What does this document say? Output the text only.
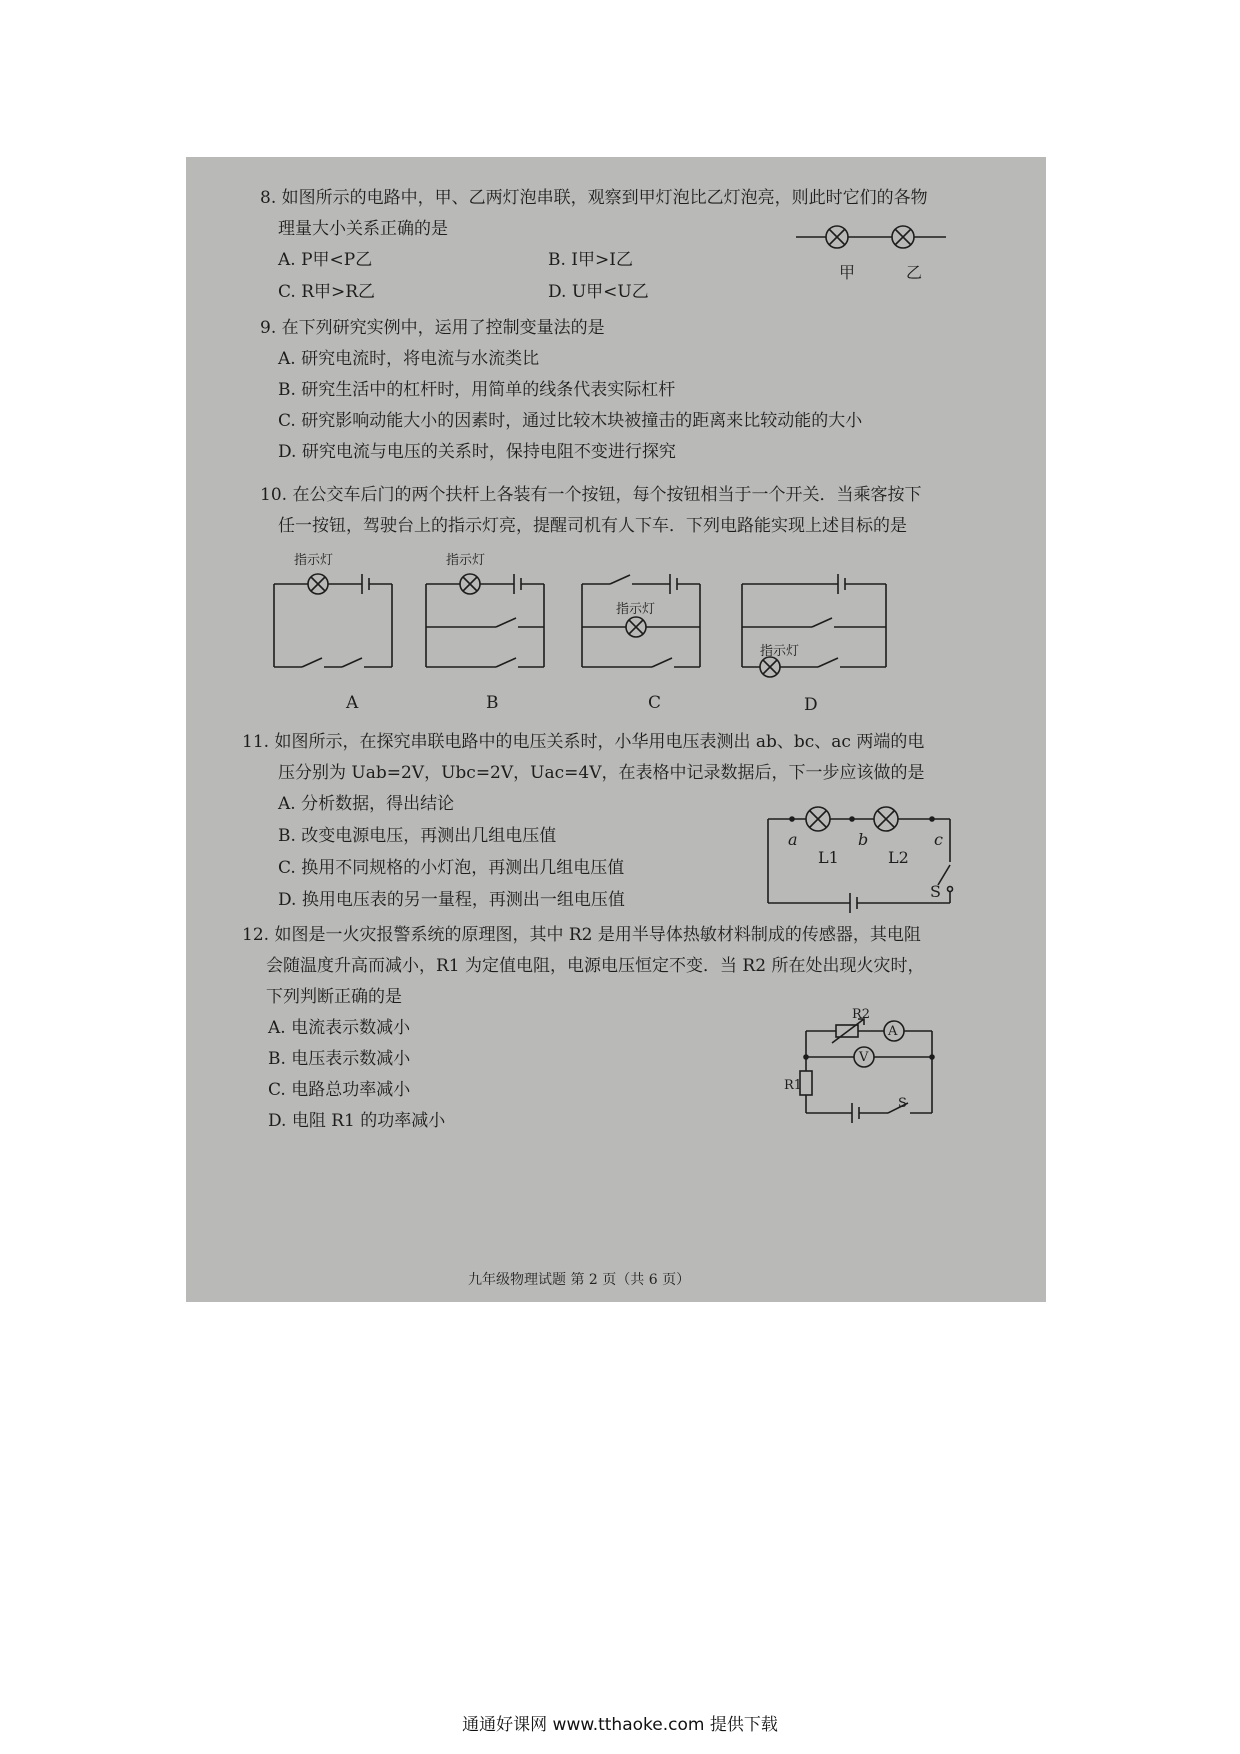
8. 如图所示的电路中，甲、乙两灯泡串联，观察到甲灯泡比乙灯泡亮，则此时它们的各物
理量大小关系正确的是
A. P甲<P乙	B. I甲>I乙
C. R甲>R乙	D. U甲<U乙
甲	乙
9. 在下列研究实例中，运用了控制变量法的是
A. 研究电流时，将电流与水流类比
B. 研究生活中的杠杆时，用简单的线条代表实际杠杆
C. 研究影响动能大小的因素时，通过比较木块被撞击的距离来比较动能的大小
D. 研究电流与电压的关系时，保持电阻不变进行探究
10. 在公交车后门的两个扶杆上各装有一个按钮，每个按钮相当于一个开关．当乘客按下
任一按钮，驾驶台上的指示灯亮，提醒司机有人下车．下列电路能实现上述目标的是
指示灯
A
指示灯
B
指示灯
C
指示灯
D
11. 如图所示，在探究串联电路中的电压关系时，小华用电压表测出 ab、bc、ac 两端的电
压分别为 Uab=2V，Ubc=2V，Uac=4V，在表格中记录数据后，下一步应该做的是
A. 分析数据，得出结论
B. 改变电源电压，再测出几组电压值
C. 换用不同规格的小灯泡，再测出几组电压值
D. 换用电压表的另一量程，再测出一组电压值
a	b	c
L1	L2
S
12. 如图是一火灾报警系统的原理图，其中 R2 是用半导体热敏材料制成的传感器，其电阻
会随温度升高而减小，R1 为定值电阻，电源电压恒定不变．当 R2 所在处出现火灾时，
下列判断正确的是
A. 电流表示数减小
B. 电压表示数减小
C. 电路总功率减小
D. 电阻 R1 的功率减小
R2
A
V
R1
S
九年级物理试题 第 2 页（共 6 页）
通通好课网 www.tthaoke.com 提供下载
